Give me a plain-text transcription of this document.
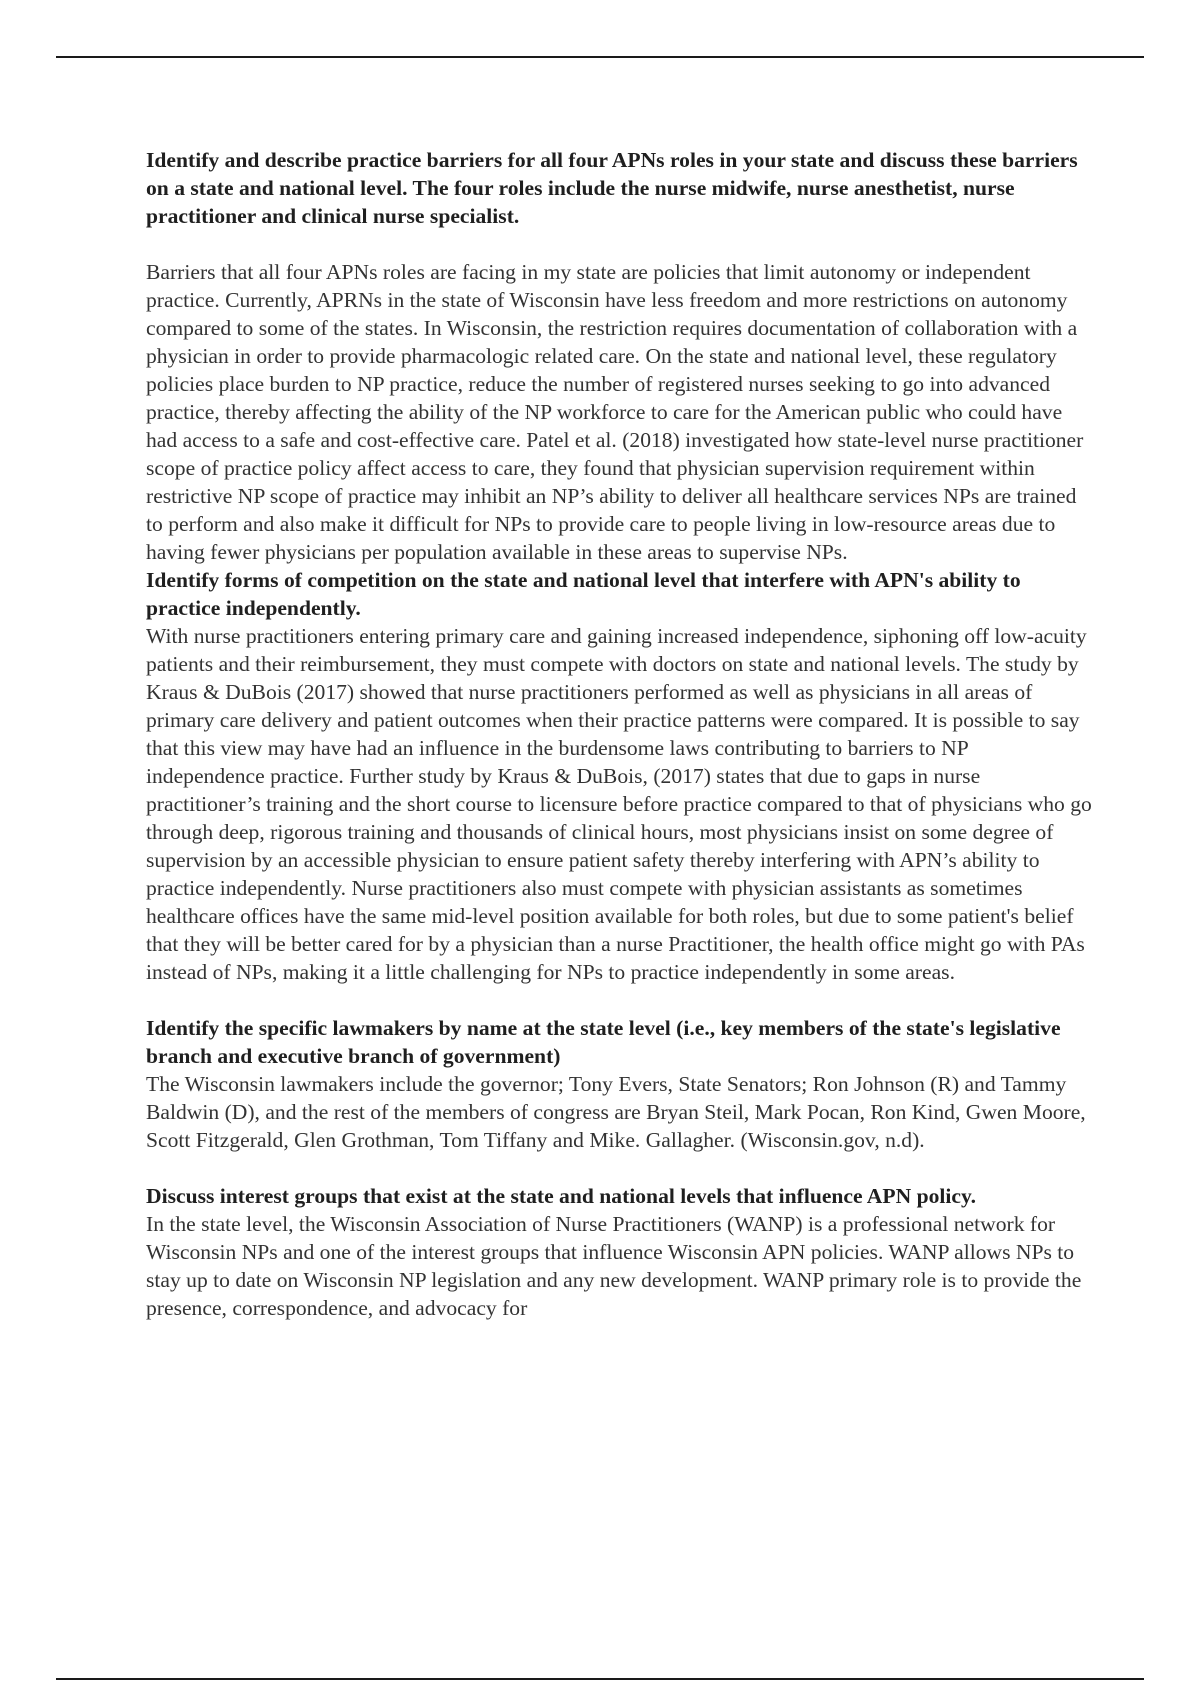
Identify and describe practice barriers for all four APNs roles in your state and discuss these barriers on a state and national level. The four roles include the nurse midwife, nurse anesthetist, nurse practitioner and clinical nurse specialist.

Barriers that all four APNs roles are facing in my state are policies that limit autonomy or independent practice. Currently, APRNs in the state of Wisconsin have less freedom and more restrictions on autonomy compared to some of the states. In Wisconsin, the restriction requires documentation of collaboration with a physician in order to provide pharmacologic related care. On the state and national level, these regulatory policies place burden to NP practice, reduce the number of registered nurses seeking to go into advanced practice, thereby affecting the ability of the NP workforce to care for the American public who could have had access to a safe and cost-effective care. Patel et al. (2018) investigated how state-level nurse practitioner scope of practice policy affect access to care, they found that physician supervision requirement within restrictive NP scope of practice may inhibit an NP’s ability to deliver all healthcare services NPs are trained to perform and also make it difficult for NPs to provide care to people living in low-resource areas due to having fewer physicians per population available in these areas to supervise NPs.

Identify forms of competition on the state and national level that interfere with APN's ability to practice independently.

With nurse practitioners entering primary care and gaining increased independence, siphoning off low-acuity patients and their reimbursement, they must compete with doctors on state and national levels. The study by Kraus & DuBois (2017) showed that nurse practitioners performed as well as physicians in all areas of primary care delivery and patient outcomes when their practice patterns were compared. It is possible to say that this view may have had an influence in the burdensome laws contributing to barriers to NP independence practice. Further study by Kraus & DuBois, (2017) states that due to gaps in nurse practitioner’s training and the short course to licensure before practice compared to that of physicians who go through deep, rigorous training and thousands of clinical hours, most physicians insist on some degree of supervision by an accessible physician to ensure patient safety thereby interfering with APN’s ability to practice independently. Nurse practitioners also must compete with physician assistants as sometimes healthcare offices have the same mid-level position available for both roles, but due to some patient's belief that they will be better cared for by a physician than a nurse Practitioner, the health office might go with PAs instead of NPs, making it a little challenging for NPs to practice independently in some areas.

Identify the specific lawmakers by name at the state level (i.e., key members of the state's legislative branch and executive branch of government)

The Wisconsin lawmakers include the governor; Tony Evers, State Senators; Ron Johnson (R) and Tammy Baldwin (D), and the rest of the members of congress are Bryan Steil, Mark Pocan, Ron Kind, Gwen Moore, Scott Fitzgerald, Glen Grothman, Tom Tiffany and Mike. Gallagher. (Wisconsin.gov, n.d).

Discuss interest groups that exist at the state and national levels that influence APN policy.

In the state level, the Wisconsin Association of Nurse Practitioners (WANP) is a professional network for Wisconsin NPs and one of the interest groups that influence Wisconsin APN policies. WANP allows NPs to stay up to date on Wisconsin NP legislation and any new development. WANP primary role is to provide the presence, correspondence, and advocacy for
